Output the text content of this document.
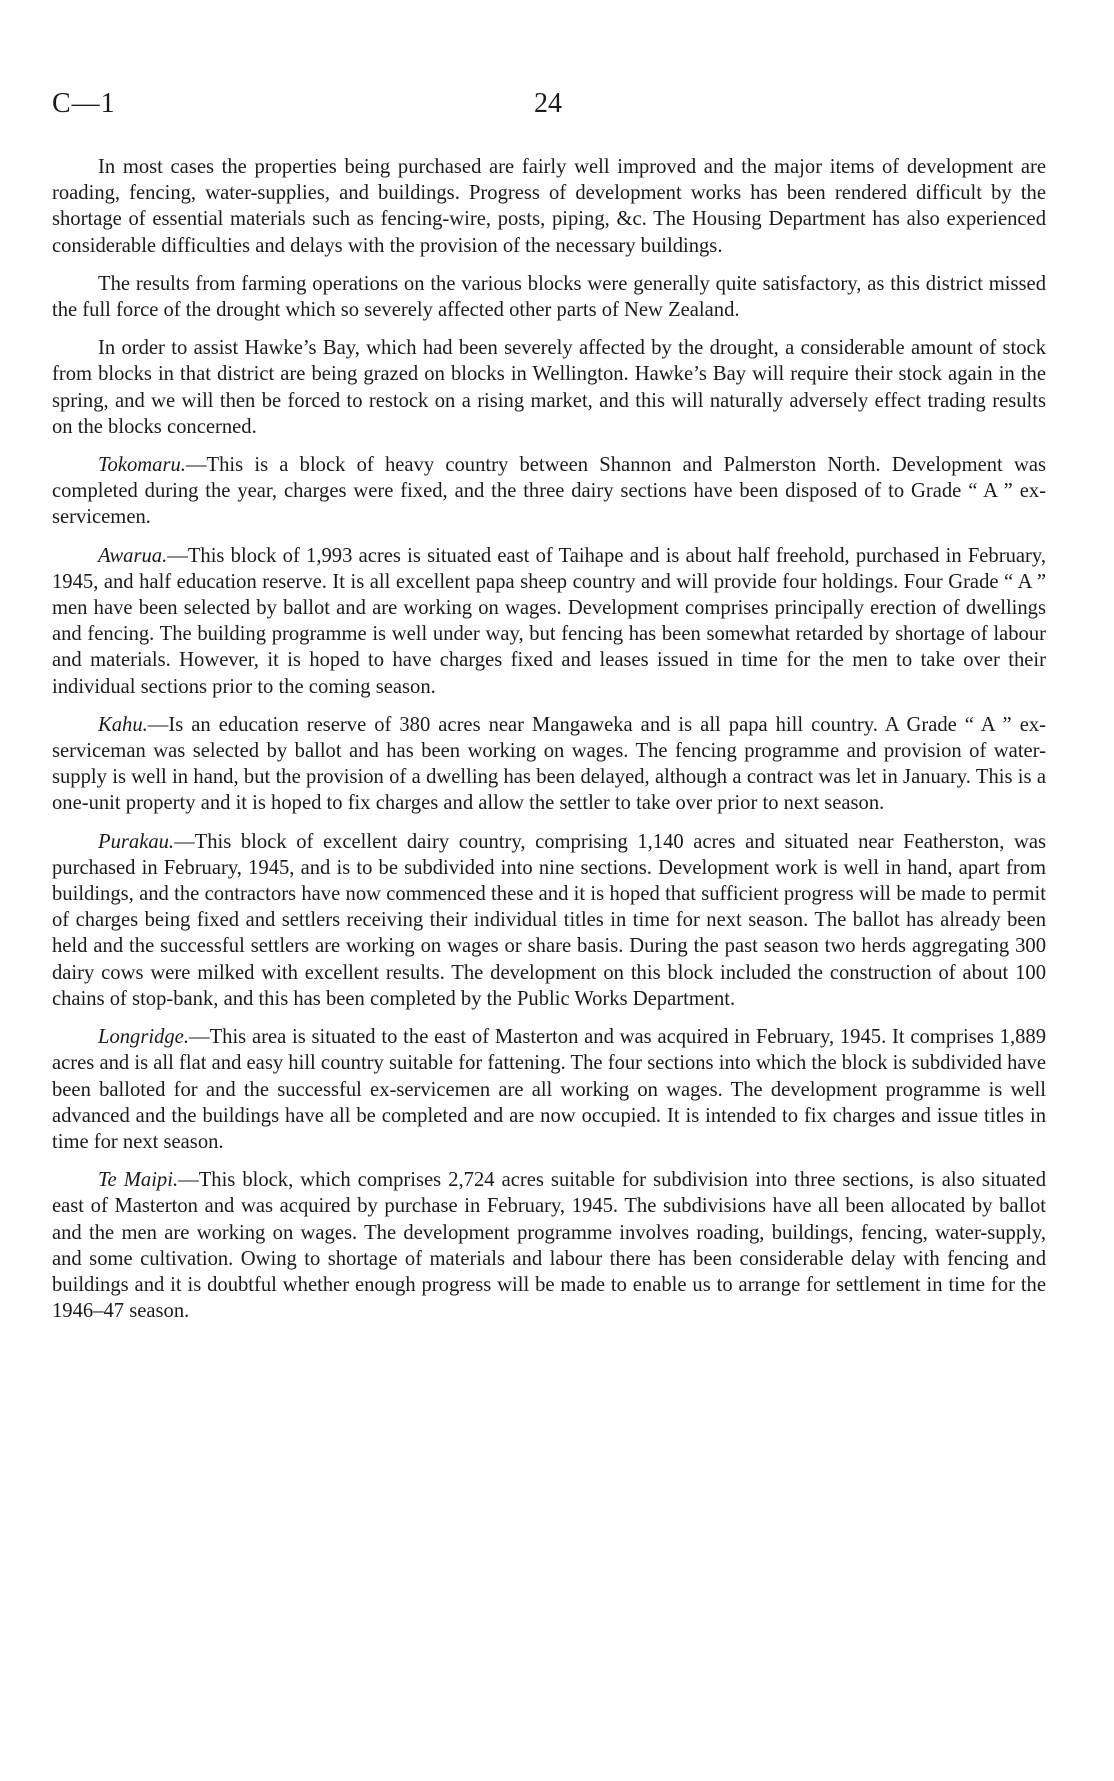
C—1	24

In most cases the properties being purchased are fairly well improved and the major items of development are roading, fencing, water-supplies, and buildings. Progress of development works has been rendered difficult by the shortage of essential materials such as fencing-wire, posts, piping, &c. The Housing Department has also experienced considerable difficulties and delays with the provision of the necessary buildings.

The results from farming operations on the various blocks were generally quite satisfactory, as this district missed the full force of the drought which so severely affected other parts of New Zealand.

In order to assist Hawke’s Bay, which had been severely affected by the drought, a considerable amount of stock from blocks in that district are being grazed on blocks in Wellington. Hawke’s Bay will require their stock again in the spring, and we will then be forced to restock on a rising market, and this will naturally adversely effect trading results on the blocks concerned.

Tokomaru.—This is a block of heavy country between Shannon and Palmerston North. Development was completed during the year, charges were fixed, and the three dairy sections have been disposed of to Grade “ A ” ex-servicemen.

Awarua.—This block of 1,993 acres is situated east of Taihape and is about half freehold, purchased in February, 1945, and half education reserve. It is all excellent papa sheep country and will provide four holdings. Four Grade “ A ” men have been selected by ballot and are working on wages. Development comprises principally erection of dwellings and fencing. The building programme is well under way, but fencing has been somewhat retarded by shortage of labour and materials. However, it is hoped to have charges fixed and leases issued in time for the men to take over their individual sections prior to the coming season.

Kahu.—Is an education reserve of 380 acres near Mangaweka and is all papa hill country. A Grade “ A ” ex-serviceman was selected by ballot and has been working on wages. The fencing programme and provision of water-supply is well in hand, but the provision of a dwelling has been delayed, although a contract was let in January. This is a one-unit property and it is hoped to fix charges and allow the settler to take over prior to next season.

Purakau.—This block of excellent dairy country, comprising 1,140 acres and situated near Featherston, was purchased in February, 1945, and is to be subdivided into nine sections. Development work is well in hand, apart from buildings, and the contractors have now commenced these and it is hoped that sufficient progress will be made to permit of charges being fixed and settlers receiving their individual titles in time for next season. The ballot has already been held and the successful settlers are working on wages or share basis. During the past season two herds aggregating 300 dairy cows were milked with excellent results. The development on this block included the construction of about 100 chains of stop-bank, and this has been completed by the Public Works Department.

Longridge.—This area is situated to the east of Masterton and was acquired in February, 1945. It comprises 1,889 acres and is all flat and easy hill country suitable for fattening. The four sections into which the block is subdivided have been balloted for and the successful ex-servicemen are all working on wages. The development programme is well advanced and the buildings have all be completed and are now occupied. It is intended to fix charges and issue titles in time for next season.

Te Maipi.—This block, which comprises 2,724 acres suitable for subdivision into three sections, is also situated east of Masterton and was acquired by purchase in February, 1945. The subdivisions have all been allocated by ballot and the men are working on wages. The development programme involves roading, buildings, fencing, water-supply, and some cultivation. Owing to shortage of materials and labour there has been considerable delay with fencing and buildings and it is doubtful whether enough progress will be made to enable us to arrange for settlement in time for the 1946–47 season.
